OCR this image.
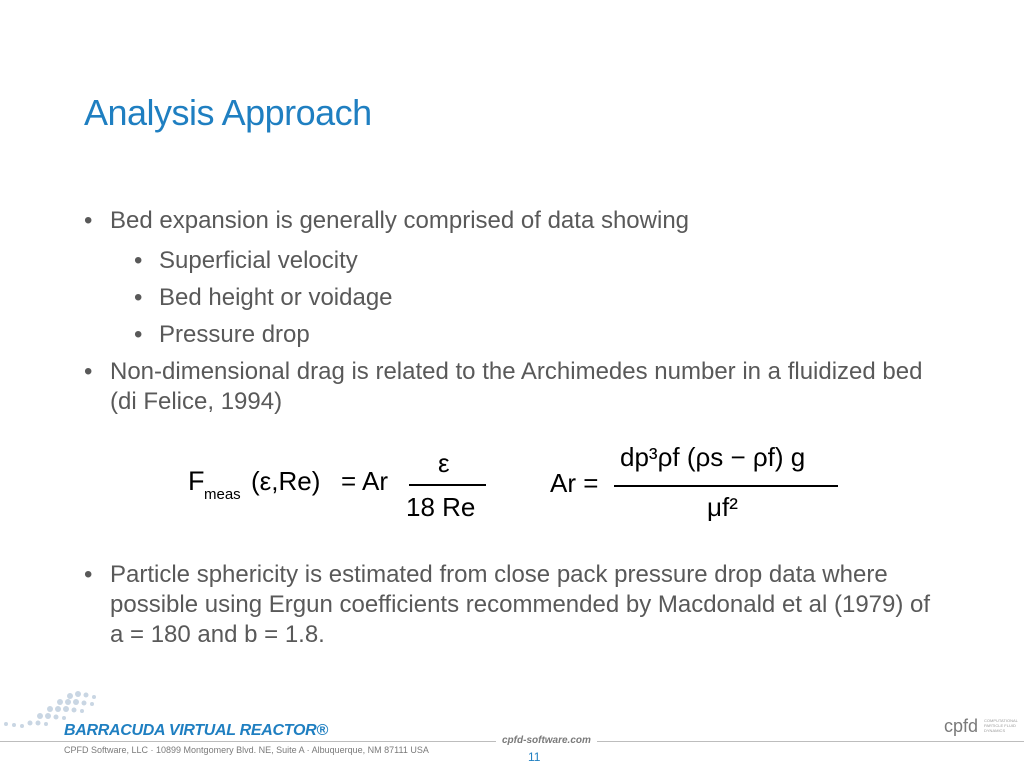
Analysis Approach
• Bed expansion is generally comprised of data showing
• Superficial velocity
• Bed height or voidage
• Pressure drop
• Non-dimensional drag is related to the Archimedes number in a fluidized bed (di Felice, 1994)
F meas (ε,Re) = Ar
ε
18 Re
Ar =
dp³ρf (ρs − ρf) g
μf²
• Particle sphericity is estimated from close pack pressure drop data where possible using Ergun coefficients recommended by Macdonald et al (1979) of a = 180 and b = 1.8.
BARRACUDA VIRTUAL REACTOR®
CPFD Software, LLC · 10899 Montgomery Blvd. NE, Suite A · Albuquerque, NM 87111 USA
cpfd-software.com
11
cpfd COMPUTATIONAL PARTICLE FLUID DYNAMICS
